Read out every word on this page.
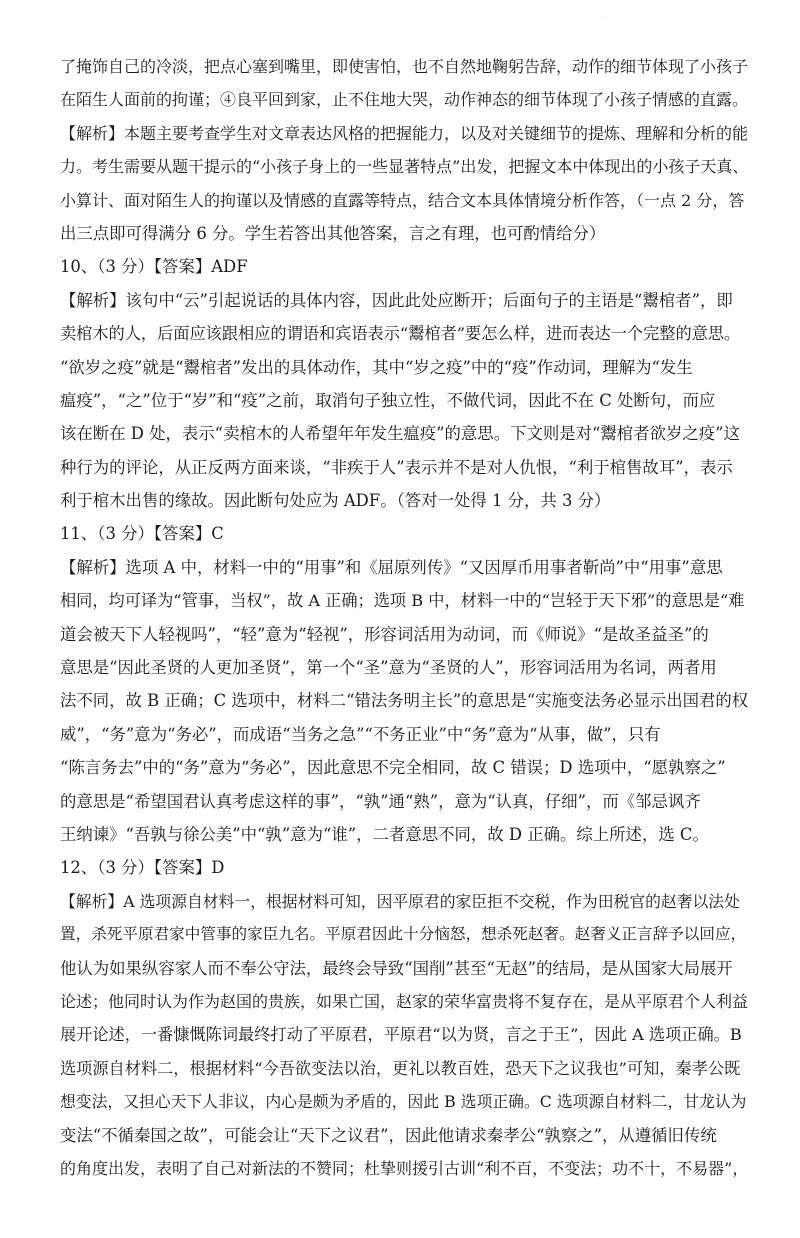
·
了掩饰自己的冷淡，把点心塞到嘴里，即使害怕，也不自然地鞠躬告辞，动作的细节体现了小孩子
在陌生人面前的拘谨；④良平回到家，止不住地大哭，动作神态的细节体现了小孩子情感的直露。
【解析】本题主要考查学生对文章表达风格的把握能力，以及对关键细节的提炼、理解和分析的能
力。考生需要从题干提示的“小孩子身上的一些显著特点”出发，把握文本中体现出的小孩子天真、
小算计、面对陌生人的拘谨以及情感的直露等特点，结合文本具体情境分析作答，（一点 2 分，答
出三点即可得满分 6 分。学生若答出其他答案，言之有理，也可酌情给分）
10、（3 分）【答案】ADF
【解析】该句中“云”引起说话的具体内容，因此此处应断开；后面句子的主语是“鬻棺者”，即
卖棺木的人，后面应该跟相应的谓语和宾语表示“鬻棺者”要怎么样，进而表达一个完整的意思。
“欲岁之疫”就是“鬻棺者”发出的具体动作，其中“岁之疫”中的“疫”作动词，理解为“发生
瘟疫”，“之”位于“岁”和“疫”之前，取消句子独立性，不做代词，因此不在 C 处断句，而应
该在断在 D 处，表示“卖棺木的人希望年年发生瘟疫”的意思。下文则是对“鬻棺者欲岁之疫”这
种行为的评论，从正反两方面来谈，“非疾于人”表示并不是对人仇恨，“利于棺售故耳”，表示
利于棺木出售的缘故。因此断句处应为 ADF。（答对一处得 1 分，共 3 分）
11、（3 分）【答案】C
【解析】选项 A 中，材料一中的“用事”和《屈原列传》“又因厚币用事者靳尚”中“用事”意思
相同，均可译为“管事，当权”，故 A 正确；选项 B 中，材料一中的“岂轻于天下邪”的意思是“难
道会被天下人轻视吗”，“轻”意为“轻视”，形容词活用为动词，而《师说》“是故圣益圣”的
意思是“因此圣贤的人更加圣贤”，第一个“圣”意为“圣贤的人”，形容词活用为名词，两者用
法不同，故 B 正确；C 选项中，材料二“错法务明主长”的意思是“实施变法务必显示出国君的权
威”，“务”意为“务必”，而成语“当务之急”“不务正业”中“务”意为“从事，做”，只有
“陈言务去”中的“务”意为“务必”，因此意思不完全相同，故 C 错误；D 选项中，“愿孰察之”
的意思是“希望国君认真考虑这样的事”，“孰”通“熟”，意为“认真，仔细”，而《邹忌讽齐
王纳谏》“吾孰与徐公美”中“孰”意为“谁”，二者意思不同，故 D 正确。综上所述，选 C。
12、（3 分）【答案】D
【解析】A 选项源自材料一，根据材料可知，因平原君的家臣拒不交税，作为田税官的赵奢以法处
置，杀死平原君家中管事的家臣九名。平原君因此十分恼怒，想杀死赵奢。赵奢义正言辞予以回应，
他认为如果纵容家人而不奉公守法，最终会导致“国削”甚至“无赵”的结局，是从国家大局展开
论述；他同时认为作为赵国的贵族，如果亡国，赵家的荣华富贵将不复存在，是从平原君个人利益
展开论述，一番慷慨陈词最终打动了平原君，平原君“以为贤，言之于王”，因此 A 选项正确。B
选项源自材料二，根据材料“今吾欲变法以治，更礼以教百姓，恐天下之议我也”可知，秦孝公既
想变法，又担心天下人非议，内心是颇为矛盾的，因此 B 选项正确。C 选项源自材料二，甘龙认为
变法“不循秦国之故”，可能会让“天下之议君”，因此他请求秦孝公“孰察之”，从遵循旧传统
的角度出发，表明了自己对新法的不赞同；杜挚则援引古训“利不百，不变法；功不十，不易器”，
